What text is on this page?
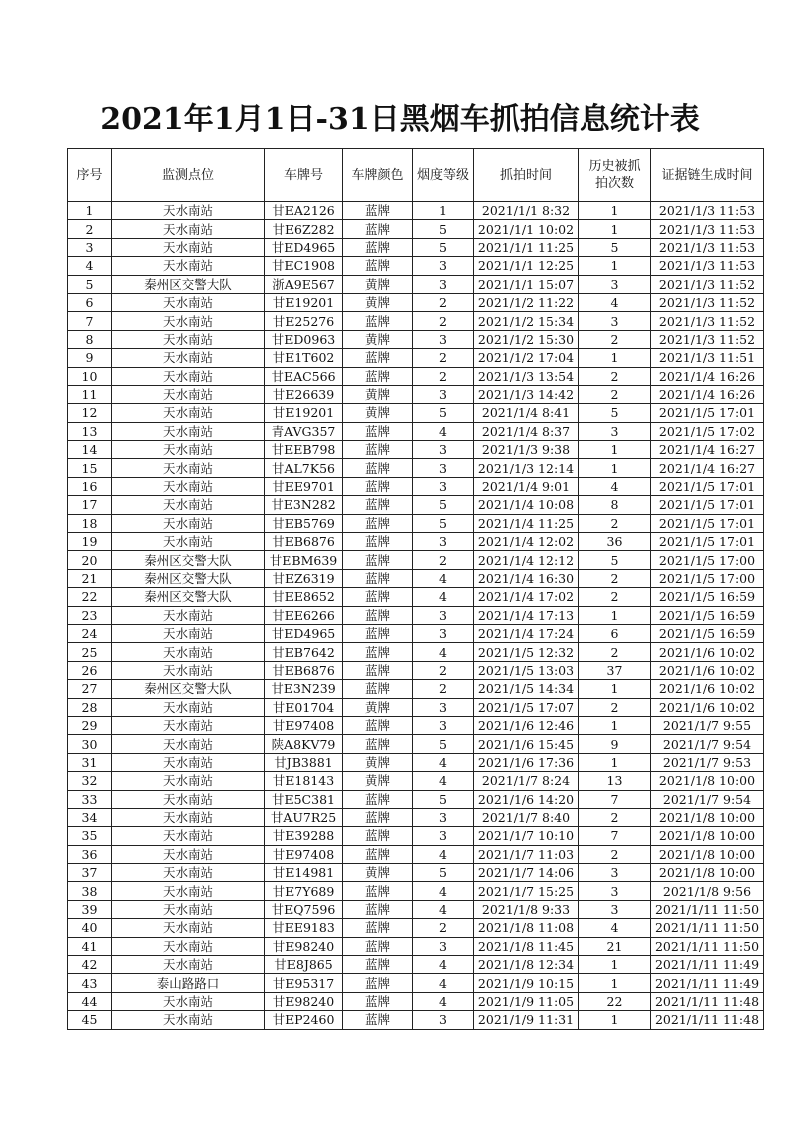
2021年1月1日-31日黑烟车抓拍信息统计表
序号	监测点位	车牌号	车牌颜色	烟度等级	抓拍时间	历史被抓拍次数	证据链生成时间
1	天水南站	甘EA2126	蓝牌	1	2021/1/1 8:32	1	2021/1/3 11:53
2	天水南站	甘E6Z282	蓝牌	5	2021/1/1 10:02	1	2021/1/3 11:53
3	天水南站	甘ED4965	蓝牌	5	2021/1/1 11:25	5	2021/1/3 11:53
4	天水南站	甘EC1908	蓝牌	3	2021/1/1 12:25	1	2021/1/3 11:53
5	秦州区交警大队	浙A9E567	黄牌	3	2021/1/1 15:07	3	2021/1/3 11:52
6	天水南站	甘E19201	黄牌	2	2021/1/2 11:22	4	2021/1/3 11:52
7	天水南站	甘E25276	蓝牌	2	2021/1/2 15:34	3	2021/1/3 11:52
8	天水南站	甘ED0963	黄牌	3	2021/1/2 15:30	2	2021/1/3 11:52
9	天水南站	甘E1T602	蓝牌	2	2021/1/2 17:04	1	2021/1/3 11:51
10	天水南站	甘EAC566	蓝牌	2	2021/1/3 13:54	2	2021/1/4 16:26
11	天水南站	甘E26639	黄牌	3	2021/1/3 14:42	2	2021/1/4 16:26
12	天水南站	甘E19201	黄牌	5	2021/1/4 8:41	5	2021/1/5 17:01
13	天水南站	青AVG357	蓝牌	4	2021/1/4 8:37	3	2021/1/5 17:02
14	天水南站	甘EEB798	蓝牌	3	2021/1/3 9:38	1	2021/1/4 16:27
15	天水南站	甘AL7K56	蓝牌	3	2021/1/3 12:14	1	2021/1/4 16:27
16	天水南站	甘EE9701	蓝牌	3	2021/1/4 9:01	4	2021/1/5 17:01
17	天水南站	甘E3N282	蓝牌	5	2021/1/4 10:08	8	2021/1/5 17:01
18	天水南站	甘EB5769	蓝牌	5	2021/1/4 11:25	2	2021/1/5 17:01
19	天水南站	甘EB6876	蓝牌	3	2021/1/4 12:02	36	2021/1/5 17:01
20	秦州区交警大队	甘EBM639	蓝牌	2	2021/1/4 12:12	5	2021/1/5 17:00
21	秦州区交警大队	甘EZ6319	蓝牌	4	2021/1/4 16:30	2	2021/1/5 17:00
22	秦州区交警大队	甘EE8652	蓝牌	4	2021/1/4 17:02	2	2021/1/5 16:59
23	天水南站	甘EE6266	蓝牌	3	2021/1/4 17:13	1	2021/1/5 16:59
24	天水南站	甘ED4965	蓝牌	3	2021/1/4 17:24	6	2021/1/5 16:59
25	天水南站	甘EB7642	蓝牌	4	2021/1/5 12:32	2	2021/1/6 10:02
26	天水南站	甘EB6876	蓝牌	2	2021/1/5 13:03	37	2021/1/6 10:02
27	秦州区交警大队	甘E3N239	蓝牌	2	2021/1/5 14:34	1	2021/1/6 10:02
28	天水南站	甘E01704	黄牌	3	2021/1/5 17:07	2	2021/1/6 10:02
29	天水南站	甘E97408	蓝牌	3	2021/1/6 12:46	1	2021/1/7 9:55
30	天水南站	陕A8KV79	蓝牌	5	2021/1/6 15:45	9	2021/1/7 9:54
31	天水南站	甘JB3881	黄牌	4	2021/1/6 17:36	1	2021/1/7 9:53
32	天水南站	甘E18143	黄牌	4	2021/1/7 8:24	13	2021/1/8 10:00
33	天水南站	甘E5C381	蓝牌	5	2021/1/6 14:20	7	2021/1/7 9:54
34	天水南站	甘AU7R25	蓝牌	3	2021/1/7 8:40	2	2021/1/8 10:00
35	天水南站	甘E39288	蓝牌	3	2021/1/7 10:10	7	2021/1/8 10:00
36	天水南站	甘E97408	蓝牌	4	2021/1/7 11:03	2	2021/1/8 10:00
37	天水南站	甘E14981	黄牌	5	2021/1/7 14:06	3	2021/1/8 10:00
38	天水南站	甘E7Y689	蓝牌	4	2021/1/7 15:25	3	2021/1/8 9:56
39	天水南站	甘EQ7596	蓝牌	4	2021/1/8 9:33	3	2021/1/11 11:50
40	天水南站	甘EE9183	蓝牌	2	2021/1/8 11:08	4	2021/1/11 11:50
41	天水南站	甘E98240	蓝牌	3	2021/1/8 11:45	21	2021/1/11 11:50
42	天水南站	甘E8J865	蓝牌	4	2021/1/8 12:34	1	2021/1/11 11:49
43	泰山路路口	甘E95317	蓝牌	4	2021/1/9 10:15	1	2021/1/11 11:49
44	天水南站	甘E98240	蓝牌	4	2021/1/9 11:05	22	2021/1/11 11:48
45	天水南站	甘EP2460	蓝牌	3	2021/1/9 11:31	1	2021/1/11 11:48
